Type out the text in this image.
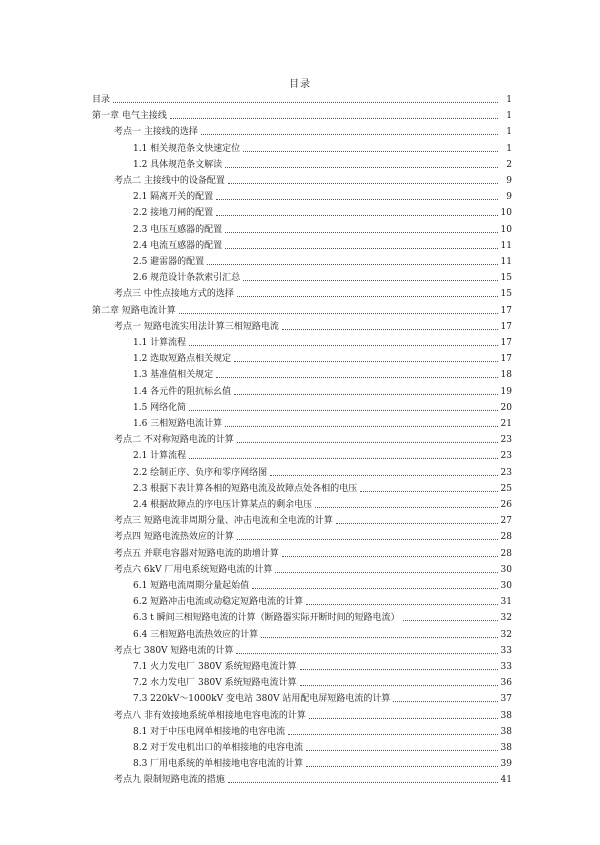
目录
目录	1
第一章 电气主接线	1
考点一 主接线的选择	1
1.1 相关规范条文快速定位	1
1.2 具体规范条文解读	2
考点二 主接线中的设备配置	9
2.1 隔离开关的配置	9
2.2 接地刀闸的配置	10
2.3 电压互感器的配置	10
2.4 电流互感器的配置	11
2.5 避雷器的配置	11
2.6 规范设计条款索引汇总	15
考点三 中性点接地方式的选择	15
第二章 短路电流计算	17
考点一 短路电流实用法计算三相短路电流	17
1.1 计算流程	17
1.2 选取短路点相关规定	17
1.3 基准值相关规定	18
1.4 各元件的阻抗标幺值	19
1.5 网络化简	20
1.6 三相短路电流计算	21
考点二 不对称短路电流的计算	23
2.1 计算流程	23
2.2 绘制正序、负序和零序网络图	23
2.3 根据下表计算各相的短路电流及故障点处各相的电压	25
2.4 根据故障点的序电压计算某点的剩余电压	26
考点三 短路电流非周期分量、冲击电流和全电流的计算	27
考点四 短路电流热效应的计算	28
考点五 并联电容器对短路电流的助增计算	28
考点六 6kV 厂用电系统短路电流的计算	30
6.1 短路电流周期分量起始值	30
6.2 短路冲击电流或动稳定短路电流的计算	31
6.3 t 瞬间三相短路电流的计算（断路器实际开断时间的短路电流）	32
6.4 三相短路电流热效应的计算	32
考点七 380V 短路电流的计算	33
7.1 火力发电厂 380V 系统短路电流计算	33
7.2 水力发电厂 380V 系统短路电流计算	36
7.3 220kV～1000kV 变电站 380V 站用配电屏短路电流的计算	37
考点八 非有效接地系统单相接地电容电流的计算	38
8.1 对于中压电网单相接地的电容电流	38
8.2 对于发电机出口的单相接地的电容电流	38
8.3 厂用电系统的单相接地电容电流的计算	39
考点九 限制短路电流的措施	41
